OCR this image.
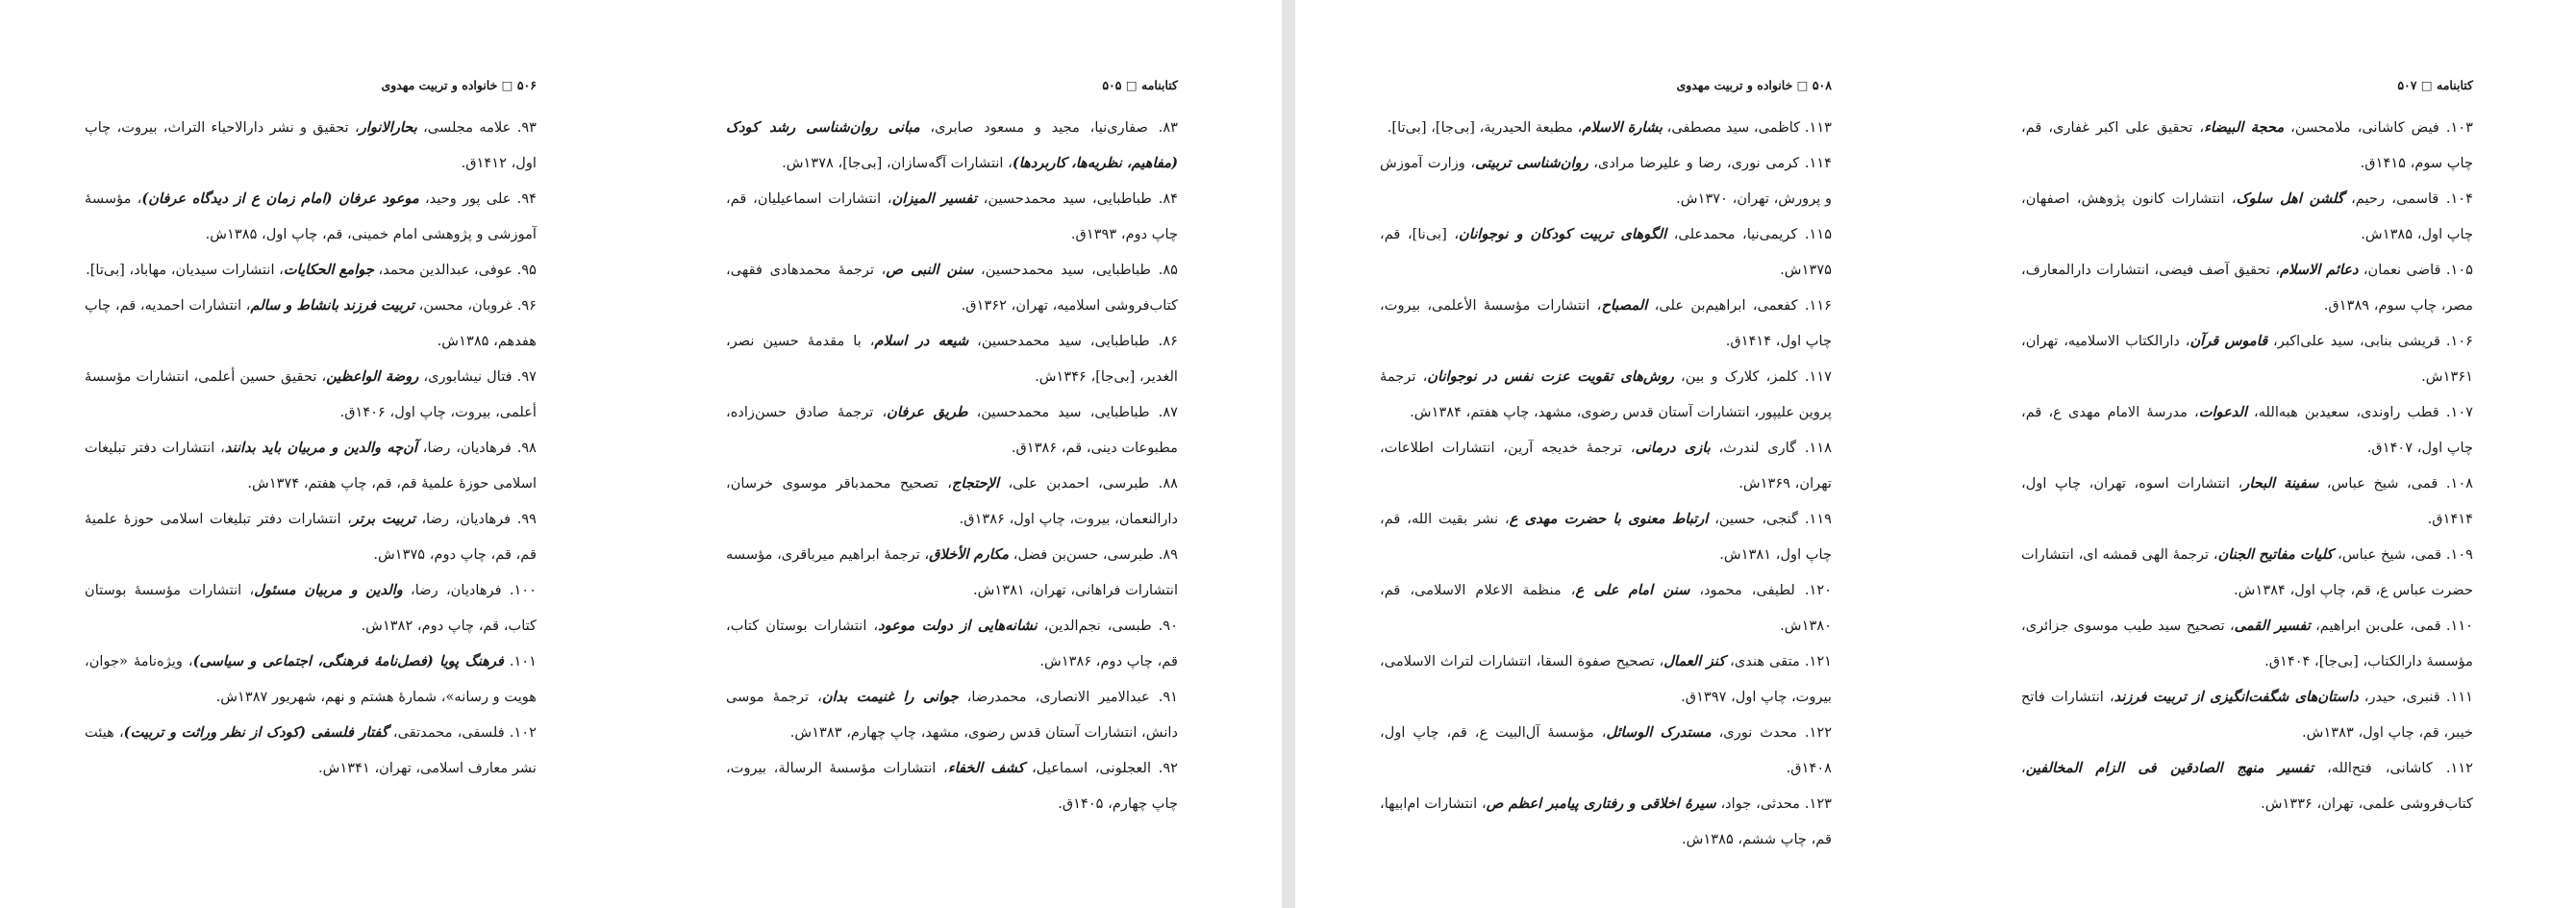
۵۰۶ □ خانواده و تربیت مهدوی

۹۳. علامه مجلسی، بحارالانوار، تحقیق و نشر دارالاحیاء التراث، بیروت، چاپ اول، ۱۴۱۲ق.

۹۴. علی پور وحید، موعود عرفان (امام زمان ع از دیدگاه عرفان)، مؤسسهٔ آموزشی و پژوهشی امام خمینی، قم، چاپ اول، ۱۳۸۵ش.

۹۵. عوفی، عبدالدین محمد، جوامع الحکایات، انتشارات سیدیان، مهاباد، [بی‌تا].

۹۶. غروبان، محسن، تربیت فرزند بانشاط و سالم، انتشارات احمدیه، قم، چاپ هفدهم، ۱۳۸۵ش.

۹۷. فتال نیشابوری، روضة الواعظین، تحقیق حسین أعلمی، انتشارات مؤسسهٔ أعلمی، بیروت، چاپ اول، ۱۴۰۶ق.

۹۸. فرهادیان، رضا، آن‌چه والدین و مربیان باید بدانند، انتشارات دفتر تبلیغات اسلامی حوزهٔ علمیهٔ قم، قم، چاپ هفتم، ۱۳۷۴ش.

۹۹. فرهادیان، رضا، تربیت برتر، انتشارات دفتر تبلیغات اسلامی حوزهٔ علمیهٔ قم، قم، چاپ دوم، ۱۳۷۵ش.

۱۰۰. فرهادیان، رضا، والدین و مربیان مسئول، انتشارات مؤسسهٔ بوستان کتاب، قم، چاپ دوم، ۱۳۸۲ش.

۱۰۱. فرهنگ پویا (فصل‌نامهٔ فرهنگی، اجتماعی و سیاسی)، ویژه‌نامهٔ «جوان، هویت و رسانه»، شمارهٔ هشتم و نهم، شهریور ۱۳۸۷ش.

۱۰۲. فلسفی، محمدتقی، گفتار فلسفی (کودک از نظر وراثت و تربیت)، هیئت نشر معارف اسلامی، تهران، ۱۳۴۱ش.

کتابنامه □ ۵۰۵

۸۳. صفاری‌نیا، مجید و مسعود صابری، مبانی روان‌شناسی رشد کودک (مفاهیم، نظریه‌ها، کاربردها)، انتشارات آگه‌سازان، [بی‌جا]، ۱۳۷۸ش.

۸۴. طباطبایی، سید محمدحسین، تفسیر المیزان، انتشارات اسماعیلیان، قم، چاپ دوم، ۱۳۹۳ق.

۸۵. طباطبایی، سید محمدحسین، سنن النبی ص، ترجمهٔ محمدهادی فقهی، کتاب‌فروشی اسلامیه، تهران، ۱۳۶۲ق.

۸۶. طباطبایی، سید محمدحسین، شیعه در اسلام، با مقدمهٔ حسین نصر، الغدیر، [بی‌جا]، ۱۳۴۶ش.

۸۷. طباطبایی، سید محمدحسین، طریق عرفان، ترجمهٔ صادق حسن‌زاده، مطبوعات دینی، قم، ۱۳۸۶ق.

۸۸. طبرسی، احمدبن علی، الإحتجاج، تصحیح محمدباقر موسوی خرسان، دارالنعمان، بیروت، چاپ اول، ۱۳۸۶ق.

۸۹. طبرسی، حسن‌بن فضل، مکارم الأخلاق، ترجمهٔ ابراهیم میرباقری، مؤسسه انتشارات فراهانی، تهران، ۱۳۸۱ش.

۹۰. طبسی، نجم‌الدین، نشانه‌هایی از دولت موعود، انتشارات بوستان کتاب، قم، چاپ دوم، ۱۳۸۶ش.

۹۱. عبدالامیر الانصاری، محمدرضا، جوانی را غنیمت بدان، ترجمهٔ موسی دانش، انتشارات آستان قدس رضوی، مشهد، چاپ چهارم، ۱۳۸۳ش.

۹۲. العجلونی، اسماعیل، کشف الخفاء، انتشارات مؤسسهٔ الرسالة، بیروت، چاپ چهارم، ۱۴۰۵ق.

۵۰۸ □ خانواده و تربیت مهدوی

۱۱۳. کاظمی، سید مصطفی، بشارة الاسلام، مطبعة الحیدریة، [بی‌جا]، [بی‌تا].

۱۱۴. کرمی نوری، رضا و علیرضا مرادی، روان‌شناسی تربیتی، وزارت آموزش و پرورش، تهران، ۱۳۷۰ش.

۱۱۵. کریمی‌نیا، محمدعلی، الگوهای تربیت کودکان و نوجوانان، [بی‌نا]، قم، ۱۳۷۵ش.

۱۱۶. کفعمی، ابراهیم‌بن علی، المصباح، انتشارات مؤسسهٔ الأعلمی، بیروت، چاپ اول، ۱۴۱۴ق.

۱۱۷. کلمز، کلارک و بین، روش‌های تقویت عزت نفس در نوجوانان، ترجمهٔ پروین علیپور، انتشارات آستان قدس رضوی، مشهد، چاپ هفتم، ۱۳۸۴ش.

۱۱۸. گاری لندرث، بازی درمانی، ترجمهٔ خدیجه آرین، انتشارات اطلاعات، تهران، ۱۳۶۹ش.

۱۱۹. گنجی، حسین، ارتباط معنوی با حضرت مهدی ع، نشر بقیت الله، قم، چاپ اول، ۱۳۸۱ش.

۱۲۰. لطیفی، محمود، سنن امام علی ع، منظمة الاعلام الاسلامی، قم، ۱۳۸۰ش.

۱۲۱. متقی هندی، کنز العمال، تصحیح صفوة السقا، انتشارات لتراث الاسلامی، بیروت، چاپ اول، ۱۳۹۷ق.

۱۲۲. محدث نوری، مستدرک الوسائل، مؤسسهٔ آل‌البیت ع، قم، چاپ اول، ۱۴۰۸ق.

۱۲۳. محدثی، جواد، سیرهٔ اخلاقی و رفتاری پیامبر اعظم ص، انتشارات ام‌ابیها، قم، چاپ ششم، ۱۳۸۵ش.

کتابنامه □ ۵۰۷

۱۰۳. فیض کاشانی، ملامحسن، محجة البیضاء، تحقیق علی اکبر غفاری، قم، چاپ سوم، ۱۴۱۵ق.

۱۰۴. قاسمی، رحیم، گلشن اهل سلوک، انتشارات کانون پژوهش، اصفهان، چاپ اول، ۱۳۸۵ش.

۱۰۵. قاضی نعمان، دعائم الاسلام، تحقیق آصف فیضی، انتشارات دارالمعارف، مصر، چاپ سوم، ۱۳۸۹ق.

۱۰۶. قریشی بنابی، سید علی‌اکبر، قاموس قرآن، دارالکتاب الاسلامیه، تهران، ۱۳۶۱ش.

۱۰۷. قطب راوندی، سعیدبن هبه‌الله، الدعوات، مدرسهٔ الامام مهدی ع، قم، چاپ اول، ۱۴۰۷ق.

۱۰۸. قمی، شیخ عباس، سفینة البحار، انتشارات اسوه، تهران، چاپ اول، ۱۴۱۴ق.

۱۰۹. قمی، شیخ عباس، کلیات مفاتیح الجنان، ترجمهٔ الهی قمشه ای، انتشارات حضرت عباس ع، قم، چاپ اول، ۱۳۸۴ش.

۱۱۰. قمی، علی‌بن ابراهیم، تفسیر القمی، تصحیح سید طیب موسوی جزائری، مؤسسهٔ دارالکتاب، [بی‌جا]، ۱۴۰۴ق.

۱۱۱. قنبری، حیدر، داستان‌های شگفت‌انگیزی از تربیت فرزند، انتشارات فاتح خیبر، قم، چاپ اول، ۱۳۸۳ش.

۱۱۲. کاشانی، فتح‌الله، تفسیر منهج الصادقین فی الزام المخالفین، کتاب‌فروشی علمی، تهران، ۱۳۳۶ش.
